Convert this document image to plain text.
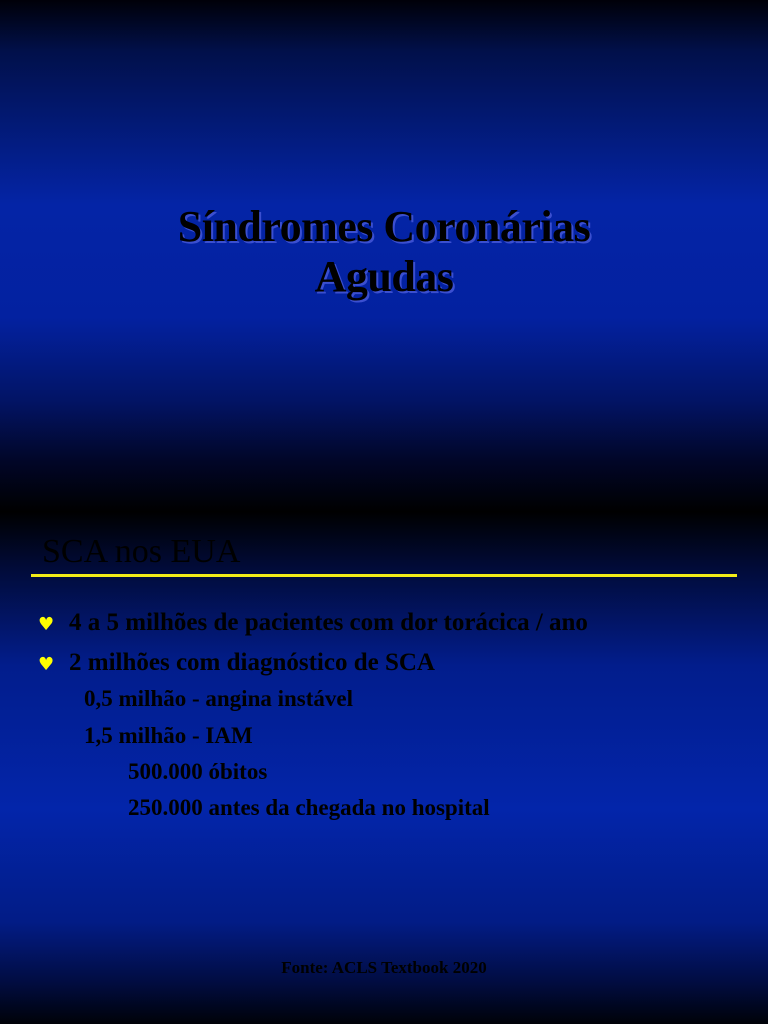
Síndromes Coronárias
Agudas
SCA nos EUA
♥ 4 a 5 milhões de pacientes com dor torácica / ano
♥ 2 milhões com diagnóstico de SCA
0,5 milhão - angina instável
1,5 milhão - IAM
500.000 óbitos
250.000 antes da chegada no hospital
Fonte: ACLS Textbook 2020
